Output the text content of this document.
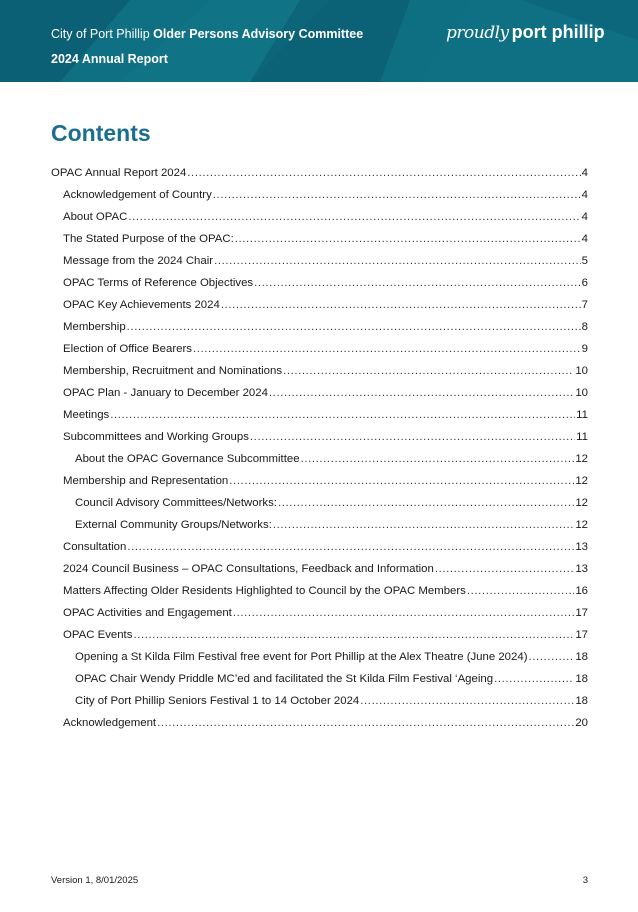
City of Port Phillip Older Persons Advisory Committee
2024 Annual Report
proudly port phillip
Contents
OPAC Annual Report 2024 .....	4
Acknowledgement of Country .....	4
About OPAC .....	4
The Stated Purpose of the OPAC: .....	4
Message from the 2024 Chair .....	5
OPAC Terms of Reference Objectives .....	6
OPAC Key Achievements 2024 .....	7
Membership .....	8
Election of Office Bearers .....	9
Membership, Recruitment and Nominations .....	10
OPAC Plan - January to December 2024 .....	10
Meetings .....	11
Subcommittees and Working Groups .....	11
About the OPAC Governance Subcommittee .....	12
Membership and Representation .....	12
Council Advisory Committees/Networks: .....	12
External Community Groups/Networks: .....	12
Consultation .....	13
2024 Council Business – OPAC Consultations, Feedback and Information .....	13
Matters Affecting Older Residents Highlighted to Council by the OPAC Members .....	16
OPAC Activities and Engagement .....	17
OPAC Events .....	17
Opening a St Kilda Film Festival free event for Port Phillip at the Alex Theatre (June 2024) .....	18
OPAC Chair Wendy Priddle MC’ed and facilitated the St Kilda Film Festival ‘Ageing .....	18
City of Port Phillip Seniors Festival 1 to 14 October 2024 .....	18
Acknowledgement .....	20
Version 1, 8/01/2025	3
